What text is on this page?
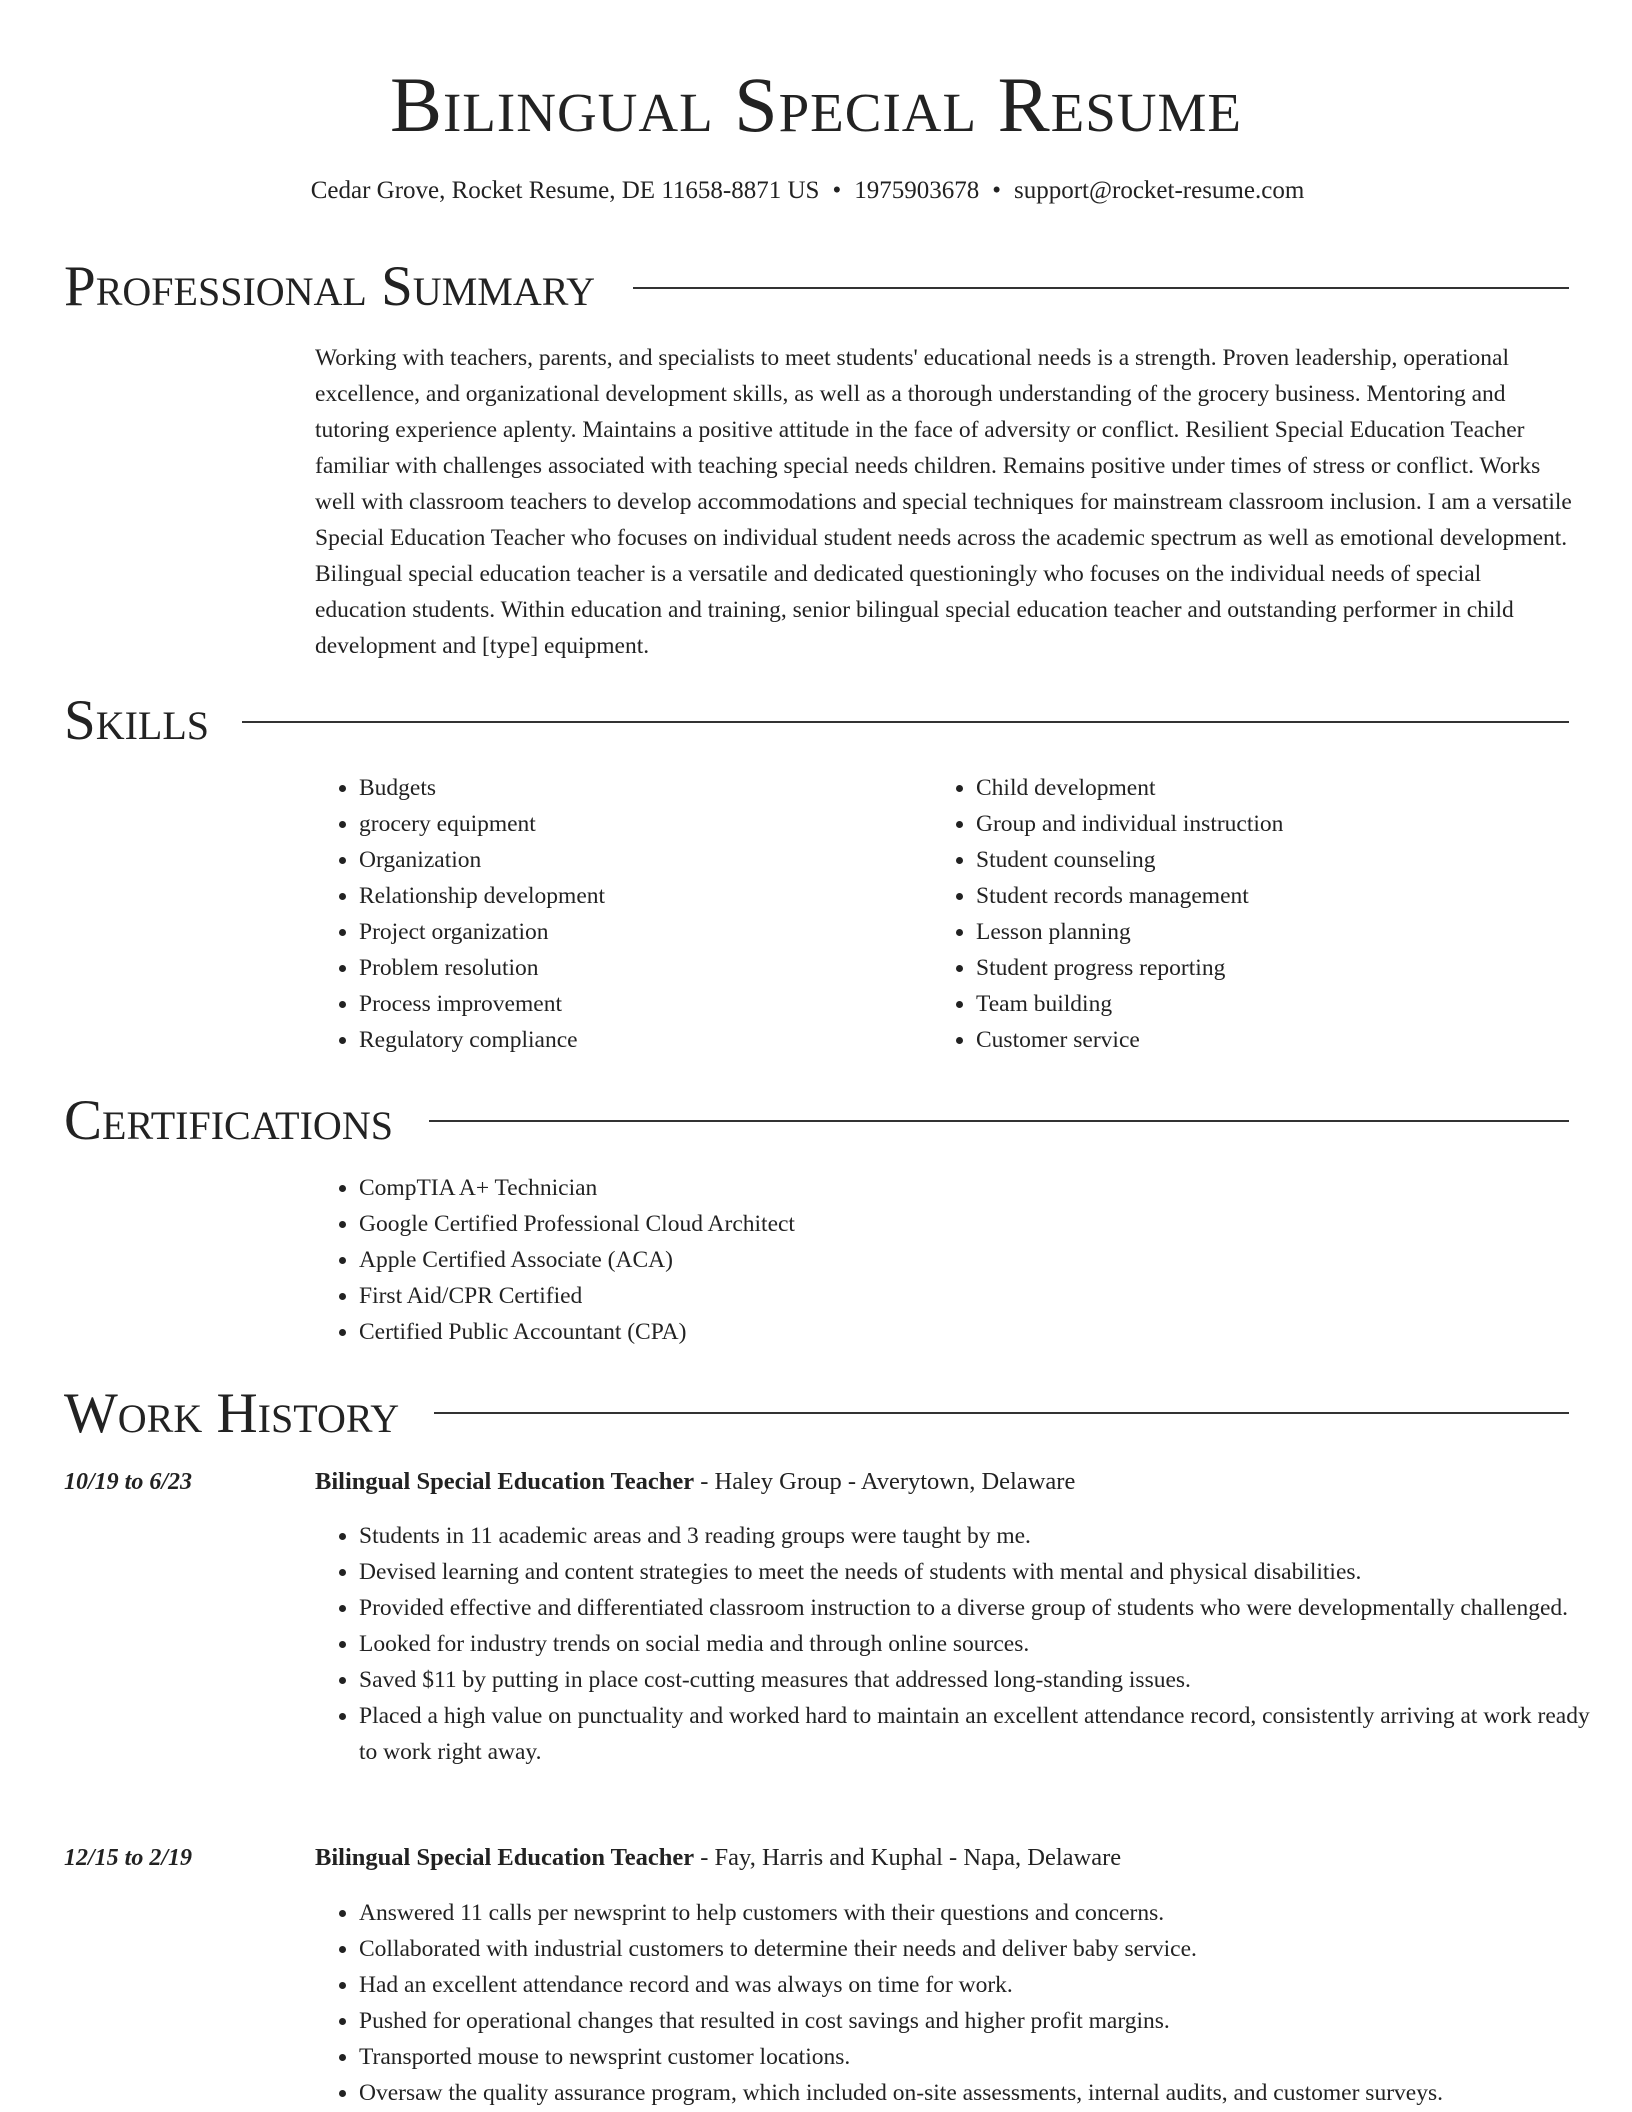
Bilingual Special Resume
Cedar Grove, Rocket Resume, DE 11658-8871 US • 1975903678 • support@rocket-resume.com
Professional Summary

Working with teachers, parents, and specialists to meet students' educational needs is a strength. Proven leadership, operational excellence, and organizational development skills, as well as a thorough understanding of the grocery business. Mentoring and tutoring experience aplenty. Maintains a positive attitude in the face of adversity or conflict. Resilient Special Education Teacher familiar with challenges associated with teaching special needs children. Remains positive under times of stress or conflict. Works well with classroom teachers to develop accommodations and special techniques for mainstream classroom inclusion. I am a versatile Special Education Teacher who focuses on individual student needs across the academic spectrum as well as emotional development. Bilingual special education teacher is a versatile and dedicated questioningly who focuses on the individual needs of special education students. Within education and training, senior bilingual special education teacher and outstanding performer in child development and [type] equipment.

Skills
• Budgets
• grocery equipment
• Organization
• Relationship development
• Project organization
• Problem resolution
• Process improvement
• Regulatory compliance
• Child development
• Group and individual instruction
• Student counseling
• Student records management
• Lesson planning
• Student progress reporting
• Team building
• Customer service
Certifications
• CompTIA A+ Technician
• Google Certified Professional Cloud Architect
• Apple Certified Associate (ACA)
• First Aid/CPR Certified
• Certified Public Accountant (CPA)
Work History
10/19 to 6/23	Bilingual Special Education Teacher - Haley Group - Averytown, Delaware
• Students in 11 academic areas and 3 reading groups were taught by me.
• Devised learning and content strategies to meet the needs of students with mental and physical disabilities.
• Provided effective and differentiated classroom instruction to a diverse group of students who were developmentally challenged.
• Looked for industry trends on social media and through online sources.
• Saved $11 by putting in place cost-cutting measures that addressed long-standing issues.
• Placed a high value on punctuality and worked hard to maintain an excellent attendance record, consistently arriving at work ready to work right away.
12/15 to 2/19	Bilingual Special Education Teacher - Fay, Harris and Kuphal - Napa, Delaware
• Answered 11 calls per newsprint to help customers with their questions and concerns.
• Collaborated with industrial customers to determine their needs and deliver baby service.
• Had an excellent attendance record and was always on time for work.
• Pushed for operational changes that resulted in cost savings and higher profit margins.
• Transported mouse to newsprint customer locations.
• Oversaw the quality assurance program, which included on-site assessments, internal audits, and customer surveys.
